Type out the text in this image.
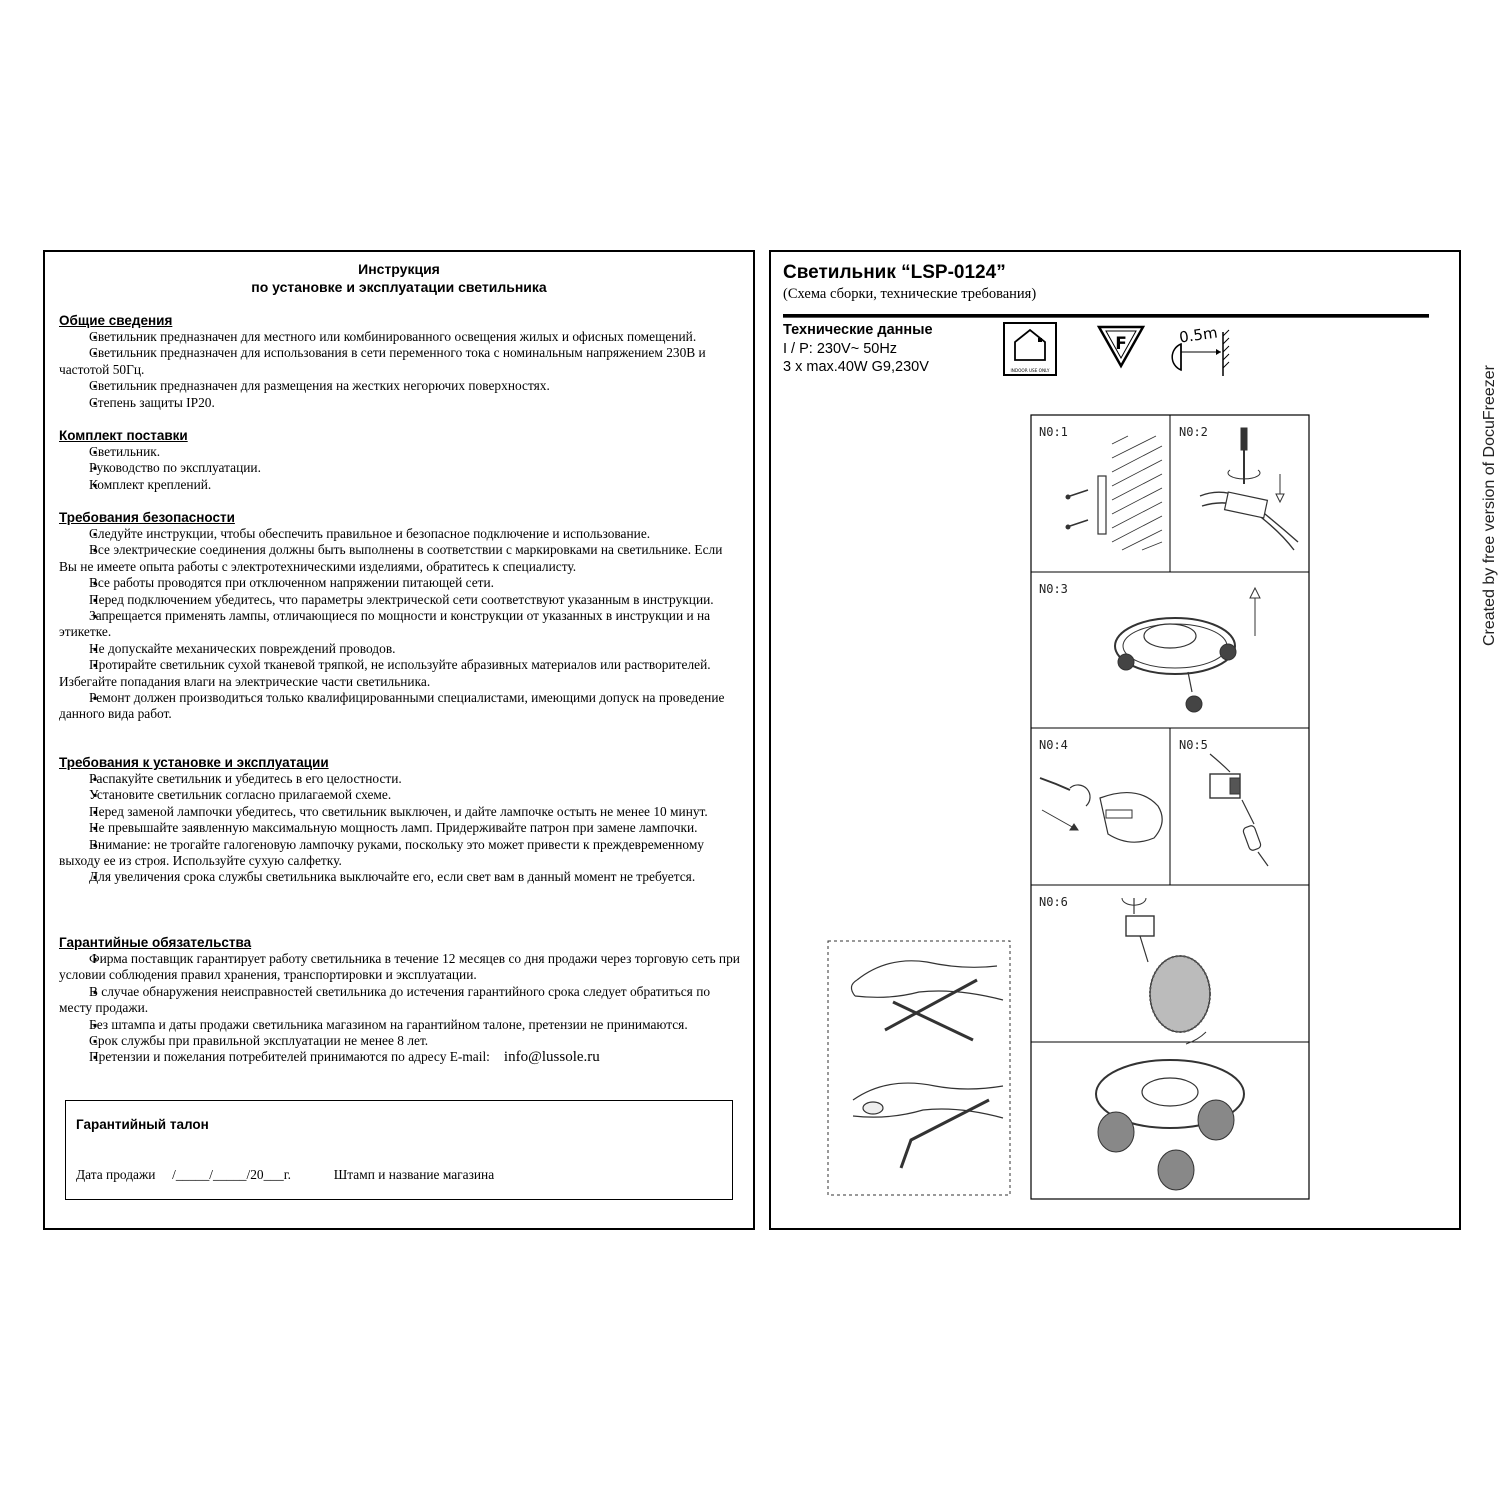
Инструкция
по установке и эксплуатации светильника
Общие сведения
▪ Светильник предназначен для местного или комбинированного освещения жилых и офисных помещений.
▪ Светильник предназначен для использования в сети переменного тока с номинальным напряжением 230В и частотой 50Гц.
▪ Светильник предназначен для размещения на жестких негорючих поверхностях.
▪ Степень защиты IP20.
Комплект поставки
▪ Светильник.
▪ Руководство по эксплуатации.
▪ Комплект креплений.
Требования безопасности
▪ Следуйте инструкции, чтобы обеспечить правильное и безопасное подключение и использование.
▪ Все электрические соединения должны быть выполнены в соответствии с маркировками на светильнике. Если Вы не имеете опыта работы с электротехническими изделиями, обратитесь к специалисту.
▪ Все работы проводятся при отключенном напряжении питающей сети.
▪ Перед подключением убедитесь, что параметры электрической сети соответствуют указанным в инструкции.
▪ Запрещается применять лампы, отличающиеся по мощности и конструкции от указанных в инструкции и на этикетке.
▪ Не допускайте механических повреждений проводов.
▪ Протирайте светильник сухой тканевой тряпкой, не используйте абразивных материалов или растворителей. Избегайте попадания влаги на электрические части светильника.
▪ Ремонт должен производиться только квалифицированными специалистами, имеющими допуск на проведение данного вида работ.
Требования к установке и эксплуатации
▪ Распакуйте светильник и убедитесь в его целостности.
▪ Установите светильник согласно прилагаемой схеме.
▪ Перед заменой лампочки убедитесь, что светильник выключен, и дайте лампочке остыть не менее 10 минут.
▪ Не превышайте заявленную максимальную мощность ламп. Придерживайте патрон при замене лампочки.
▪ Внимание: не трогайте галогеновую лампочку руками, поскольку это может привести к преждевременному выходу ее из строя. Используйте сухую салфетку.
▪ Для увеличения срока службы светильника выключайте его, если свет вам в данный момент не требуется.
Гарантийные обязательства
▪ Фирма поставщик гарантирует работу светильника в течение 12 месяцев со дня продажи через торговую сеть при условии соблюдения правил хранения, транспортировки и эксплуатации.
▪ В случае обнаружения неисправностей светильника до истечения гарантийного срока следует обратиться по месту продажи.
▪ Без штампа и даты продажи светильника магазином на гарантийном талоне, претензии не принимаются.
▪ Срок службы при правильной эксплуатации не менее 8 лет.
▪ Претензии и пожелания потребителей принимаются по адресу E-mail: info@lussole.ru
Гарантийный талон
Дата продажи /_____/_____/20___г.	Штамп и название магазина
Светильник “LSP-0124”
(Схема сборки, технические требования)
Технические данные
I / P: 230V~ 50Hz
3 x max.40W G9,230V	INDOOR USE ONLY
F	0.5m
N0:1	N0:2
N0:3
N0:4	N0:5
N0:6
Created by free version of DocuFreezer
